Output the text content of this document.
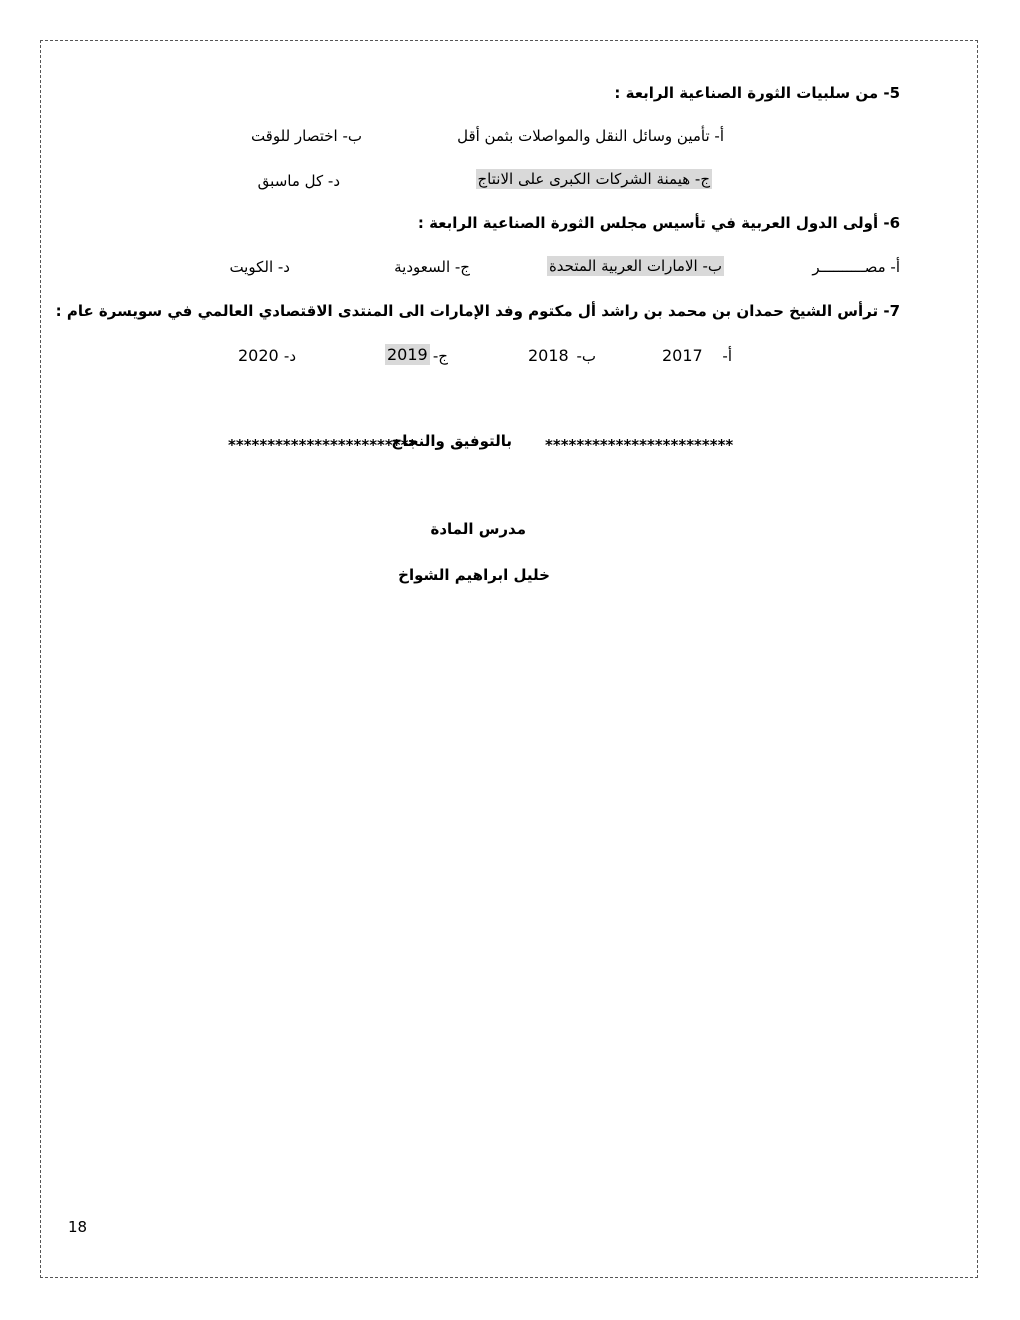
5- من سلبيات الثورة الصناعية الرابعة :
أ- تأمين وسائل النقل والمواصلات بثمن أقل
ب- اختصار للوقت
ج- هيمنة الشركات الكبرى على الانتاج
د- كل ماسبق
6- أولى الدول العربية في تأسيس مجلس الثورة الصناعية الرابعة :
أ- مصــــــــــر
ب- الامارات العربية المتحدة
ج- السعودية
د- الكويت
7- ترأس الشيخ حمدان بن محمد بن راشد أل مكتوم وفد الإمارات الى المنتدى الاقتصادي العالمي في سويسرة عام :
أ-
2017
ب-
2018
ج-
2019
د-
2020
************************
بالتوفيق والنجاح
************************
مدرس المادة
خليل ابراهيم الشواخ
18
